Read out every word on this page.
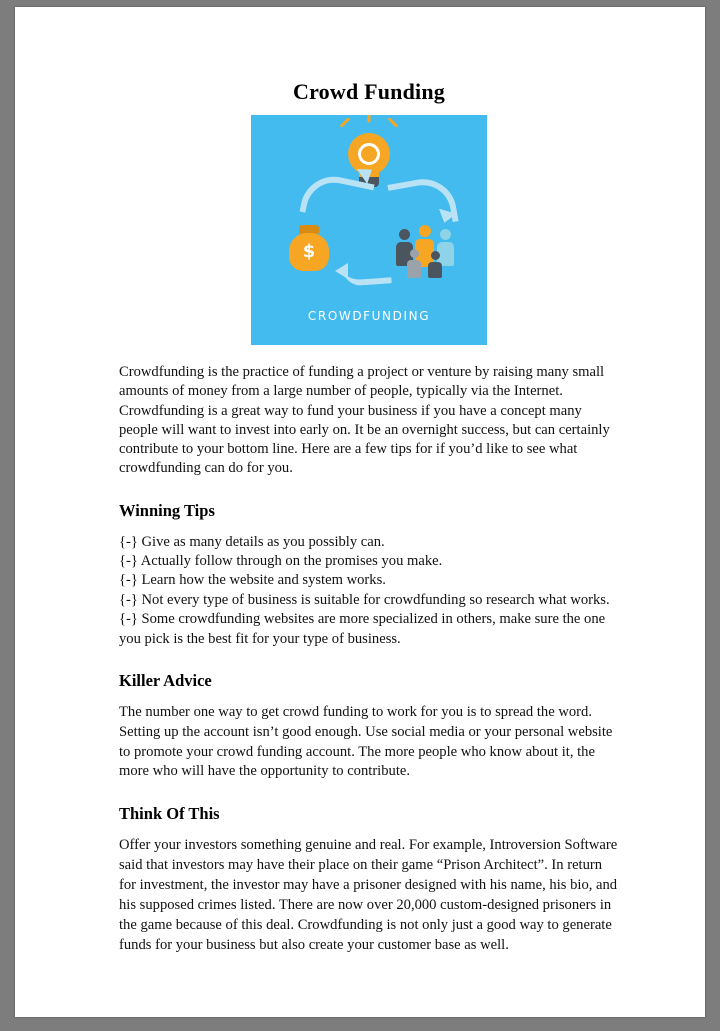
Crowd Funding
$
CROWDFUNDING

Crowdfunding is the practice of funding a project or venture by raising many small amounts of money from a large number of people, typically via the Internet. Crowdfunding is a great way to fund your business if you have a concept many people will want to invest into early on. It be an overnight success, but can certainly contribute to your bottom line. Here are a few tips for if you’d like to see what crowdfunding can do for you.

Winning Tips

{-} Give as many details as you possibly can.

{-} Actually follow through on the promises you make.

{-} Learn how the website and system works.

{-} Not every type of business is suitable for crowdfunding so research what works.

{-} Some crowdfunding websites are more specialized in others, make sure the one you pick is the best fit for your type of business.

Killer Advice

The number one way to get crowd funding to work for you is to spread the word. Setting up the account isn’t good enough. Use social media or your personal website to promote your crowd funding account. The more people who know about it, the more who will have the opportunity to contribute.

Think Of This

Offer your investors something genuine and real. For example, Introversion Software said that investors may have their place on their game “Prison Architect”. In return for investment, the investor may have a prisoner designed with his name, his bio, and his supposed crimes listed. There are now over 20,000 custom-designed prisoners in the game because of this deal. Crowdfunding is not only just a good way to generate funds for your business but also create your customer base as well.
